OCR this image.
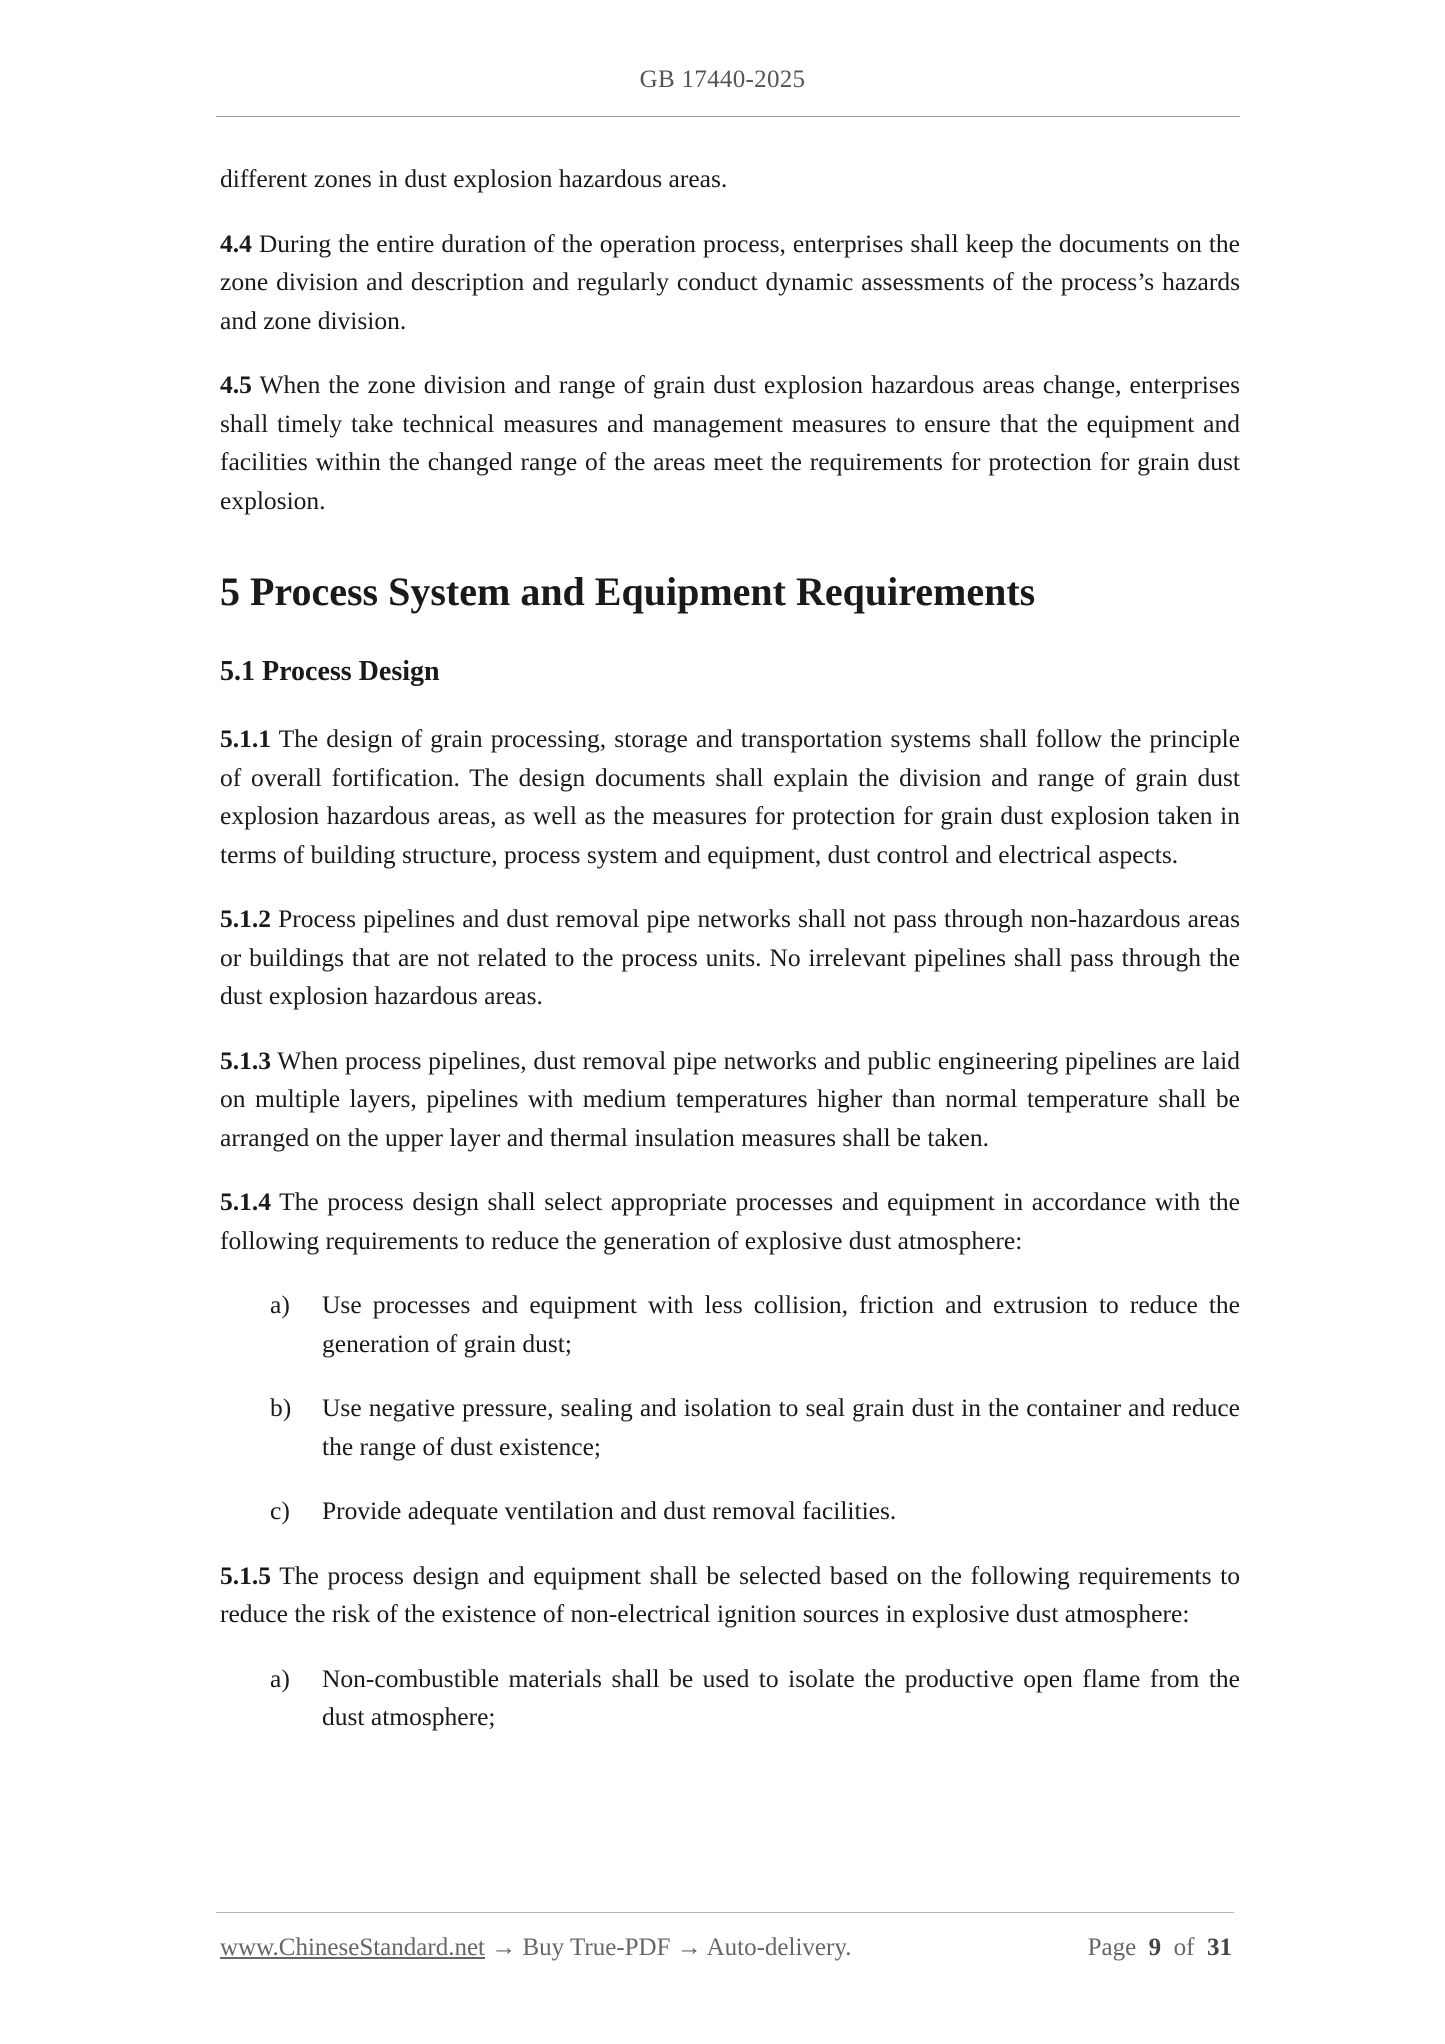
GB 17440-2025

different zones in dust explosion hazardous areas.

4.4 During the entire duration of the operation process, enterprises shall keep the documents on the zone division and description and regularly conduct dynamic assessments of the process’s hazards and zone division.

4.5 When the zone division and range of grain dust explosion hazardous areas change, enterprises shall timely take technical measures and management measures to ensure that the equipment and facilities within the changed range of the areas meet the requirements for protection for grain dust explosion.

5 Process System and Equipment Requirements
5.1 Process Design

5.1.1 The design of grain processing, storage and transportation systems shall follow the principle of overall fortification. The design documents shall explain the division and range of grain dust explosion hazardous areas, as well as the measures for protection for grain dust explosion taken in terms of building structure, process system and equipment, dust control and electrical aspects.

5.1.2 Process pipelines and dust removal pipe networks shall not pass through non-hazardous areas or buildings that are not related to the process units. No irrelevant pipelines shall pass through the dust explosion hazardous areas.

5.1.3 When process pipelines, dust removal pipe networks and public engineering pipelines are laid on multiple layers, pipelines with medium temperatures higher than normal temperature shall be arranged on the upper layer and thermal insulation measures shall be taken.

5.1.4 The process design shall select appropriate processes and equipment in accordance with the following requirements to reduce the generation of explosive dust atmosphere:

a)	Use processes and equipment with less collision, friction and extrusion to reduce the generation of grain dust;
b)	Use negative pressure, sealing and isolation to seal grain dust in the container and reduce the range of dust existence;
c)	Provide adequate ventilation and dust removal facilities.

5.1.5 The process design and equipment shall be selected based on the following requirements to reduce the risk of the existence of non-electrical ignition sources in explosive dust atmosphere:

a)	Non-combustible materials shall be used to isolate the productive open flame from the dust atmosphere;
www.ChineseStandard.net → Buy True-PDF → Auto-delivery.	Page 9 of 31
